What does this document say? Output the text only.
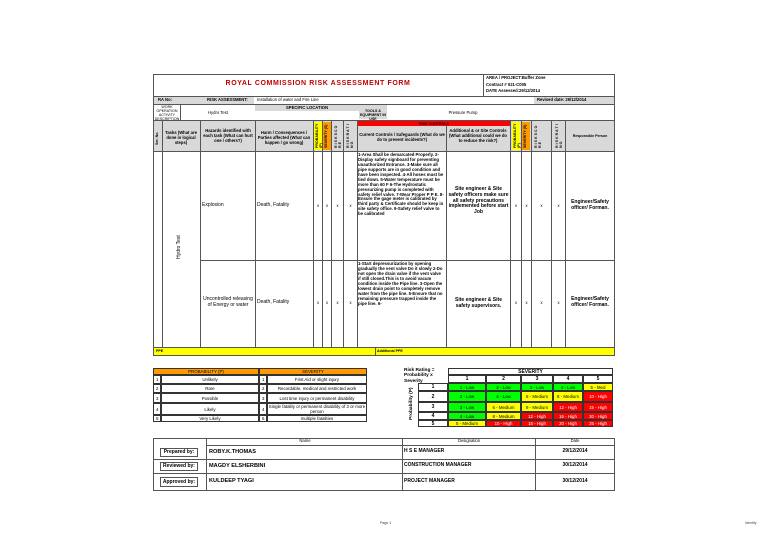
ROYAL COMMISSION RISK ASSESSMENT FORM
AREA / PROJECT:Buffer Zone
Contract # 021-C005
DATE Assessed:29/12/2014
RA No:	RISK ASSESSMENT: Installation of water and Fire Line	Revised date: 29/12/2014
WORK OPERATION ACTIVITY DESCRIPTION
Hydro Test
SPECIFIC LOCATION
TOOLS & EQUIPMENT IN USE
Pressure Pump
RISK CONTROLS
Ser. No.	Tasks (What are done in logical steps)
Hazards identified with each task (What can hurt one / others?)
Harm / Consequences / Parties affected (What can happen / go wrong)	PROBABILITY (P) SEVERITY (S) R I S K S C O R E R I S K R A T I N G
Current Controls / Safeguards (What do we do to prevent incidents?)
Additional & or Site Controls (What additional could we do to reduce the risk?)	PROBABILITY (P) SEVERITY (S) R I S K S C O R E	R I S K R A T I N G
Responsible Person
Hydro Test
Explosion	Death, Fatality	x	x	x	x
1-Area Shall be demarcated Properly. 2-Display safety signboard for preventing unauthorized Entrance. 3-Make sure all pipe supports are in good condition and have been inspected. 4-All hoses must be tied down. 5-Water temperature must be more than 60 F 6-The Hydrostatic pressurizing pump is completed with safety relief valve. 7-Wear Proper P P E. 8-Ensure the gage meter is calibrated by third party & Certificate should be keep in site safety office. 9-Safety relief valve to be calibrated
Site engineer & Site safety officers make sure all safety precautions implemented before start Job
x	x	x	x
Engineer/Safety officer/ Forman.
Uncontrolled releasing of Energy or water	Death, Fatality	x	x	x	x
1-Start depressurization by opening gradually the vent valve Do it slowly 2-Do not open the drain valve if the vent valve if still closed.This is to avoid vacum condition inside the Pipe line. 3-Open the lowest drain point to completely remove water from the pipe line. 5-Ensure that no remaining pressure trapped inside the pipe line. 6-	Site engineer & Site safety supervisors.
x	x	x	x
Engineer/Safety officer/ Forman.
PPE	Additional PPE
PROBABILITY (P)
1	Unlikely
2	Rare
3	Possible
4	Likely
5	Very Likely
SEVERITY
1	First Aid or slight injury
2	Recordable, medical and restricted work
3	Lost time injury or permanent disability
4 Single fatality or permanent disability of 3 or more person
5	multiple fatalities
Risk Rating = Probability x Severity
SEVERITY
1	2	3	4	5
Probability (P)
1
2
3
4
5
1 - Low	2 - Low	3 - Low	4 - Low	5 - Med
2 - Low	4 - Low	6 - Medium	8 - Medium	10 - High
3 - Low	6 - Medium	9 - Medium	12 - High	15 - High
4 - Low	8 - Medium	12 - High	16 - High	20 - High
5 - Medium	10 - High	15 - High	20 - High	25 - High
Name	Designation	Date
Prepared by:	ROBY.K.THOMAS	H S E MANAGER	29/12/2014
Reviewed by:	MAGDY ELSHERBINI	CONSTRUCTION MANAGER	30/12/2014
Approved by:	KULDEEP TYAGI	PROJECT MANAGER	30/12/2014
Page 1	Identity
